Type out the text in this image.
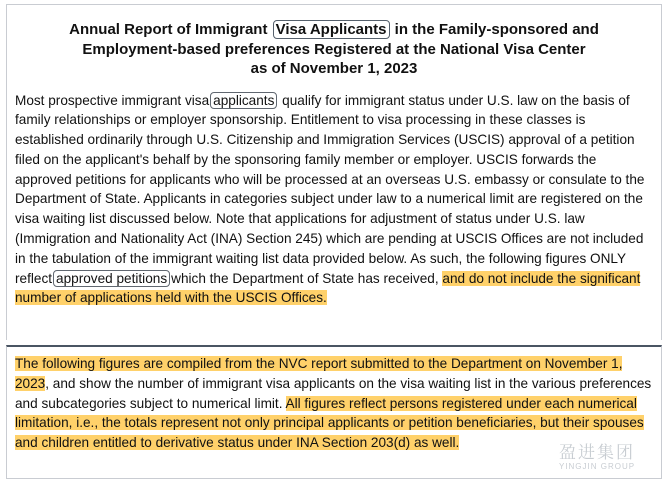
Annual Report of Immigrant Visa Applicants in the Family-sponsored and
Employment-based preferences Registered at the National Visa Center
as of November 1, 2023

Most prospective immigrant visa applicants qualify for immigrant status under U.S. law on the basis of family relationships or employer sponsorship. Entitlement to visa processing in these classes is established ordinarily through U.S. Citizenship and Immigration Services (USCIS) approval of a petition filed on the applicant's behalf by the sponsoring family member or employer. USCIS forwards the approved petitions for applicants who will be processed at an overseas U.S. embassy or consulate to the Department of State. Applicants in categories subject under law to a numerical limit are registered on the visa waiting list discussed below. Note that applications for adjustment of status under U.S. law (Immigration and Nationality Act (INA) Section 245) which are pending at USCIS Offices are not included in the tabulation of the immigrant waiting list data provided below. As such, the following figures ONLY reflect approved petitions which the Department of State has received, and do not include the significant number of applications held with the USCIS Offices.

The following figures are compiled from the NVC report submitted to the Department on November 1, 2023, and show the number of immigrant visa applicants on the visa waiting list in the various preferences and subcategories subject to numerical limit. All figures reflect persons registered under each numerical limitation, i.e., the totals represent not only principal applicants or petition beneficiaries, but their spouses and children entitled to derivative status under INA Section 203(d) as well.

盈进集团
YINGJIN GROUP
